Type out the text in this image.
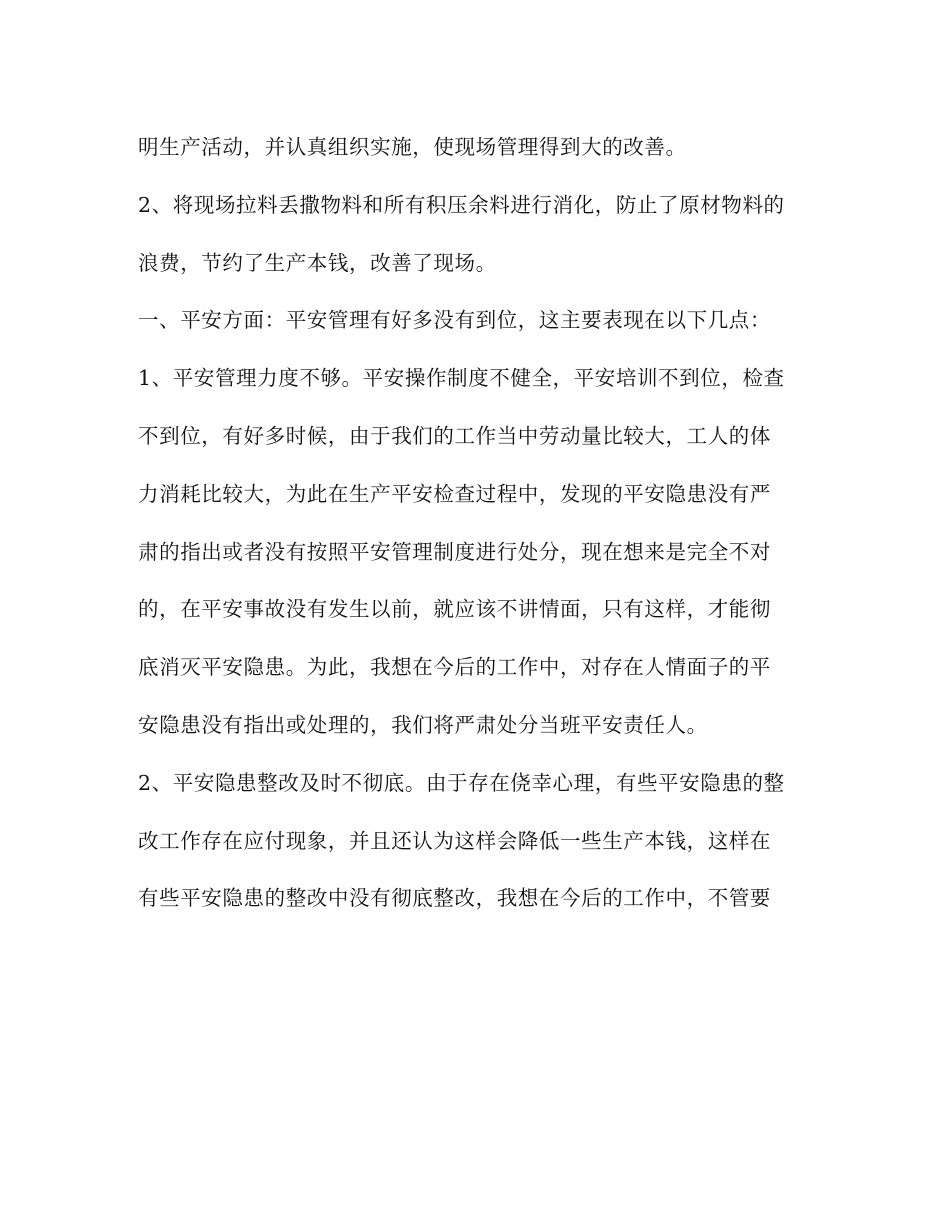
明生产活动，并认真组织实施，使现场管理得到大的改善。
2、将现场拉料丢撒物料和所有积压余料进行消化，防止了原材物料的
浪费，节约了生产本钱，改善了现场。
一、平安方面：平安管理有好多没有到位，这主要表现在以下几点：
1、平安管理力度不够。平安操作制度不健全，平安培训不到位，检查
不到位，有好多时候，由于我们的工作当中劳动量比较大，工人的体
力消耗比较大，为此在生产平安检查过程中，发现的平安隐患没有严
肃的指出或者没有按照平安管理制度进行处分，现在想来是完全不对
的，在平安事故没有发生以前，就应该不讲情面，只有这样，才能彻
底消灭平安隐患。为此，我想在今后的工作中，对存在人情面子的平
安隐患没有指出或处理的，我们将严肃处分当班平安责任人。
2、平安隐患整改及时不彻底。由于存在侥幸心理，有些平安隐患的整
改工作存在应付现象，并且还认为这样会降低一些生产本钱，这样在
有些平安隐患的整改中没有彻底整改，我想在今后的工作中，不管要
